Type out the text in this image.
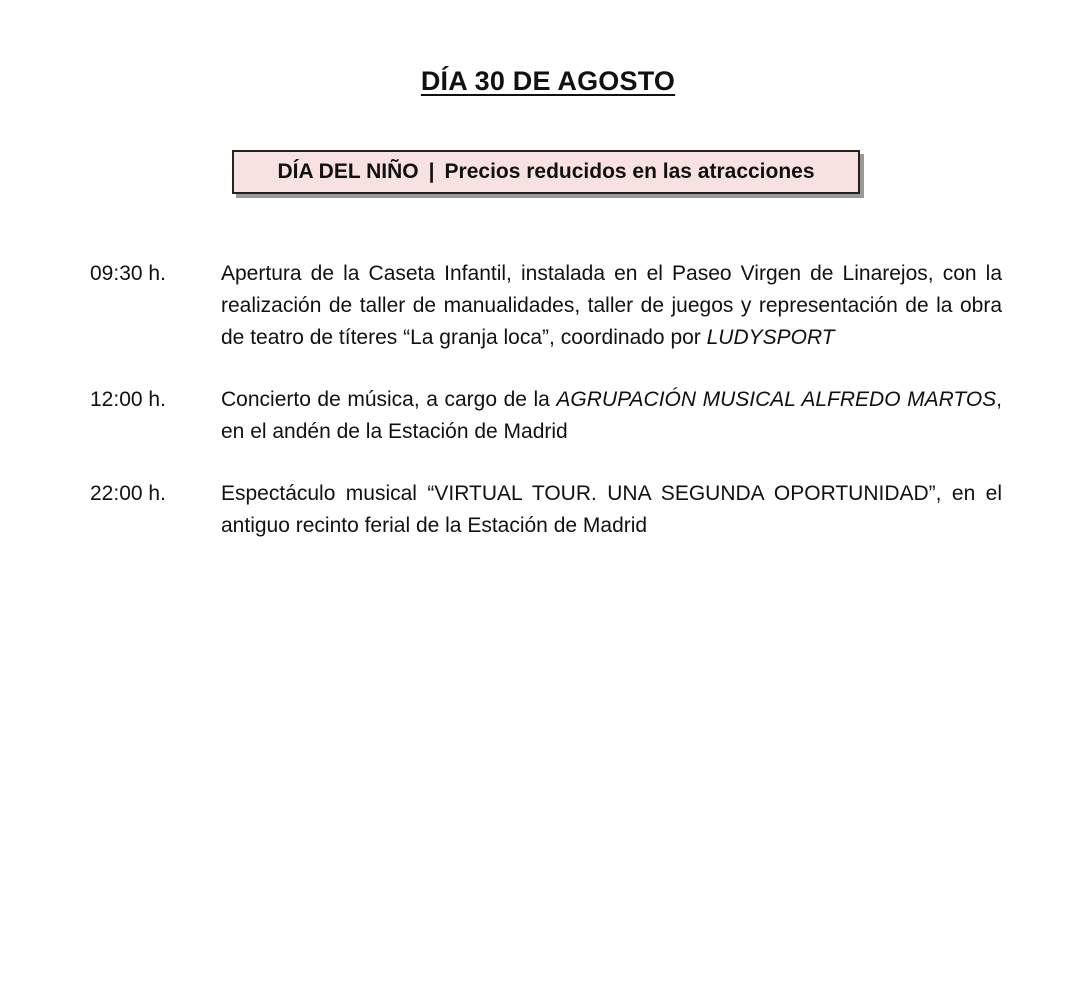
DÍA 30 DE AGOSTO
DÍA DEL NIÑO | Precios reducidos en las atracciones
09:30 h.	Apertura de la Caseta Infantil, instalada en el Paseo Virgen de Linarejos, con la realización de taller de manualidades, taller de juegos y representación de la obra de teatro de títeres “La granja loca”, coordinado por LUDYSPORT
12:00 h.	Concierto de música, a cargo de la AGRUPACIÓN MUSICAL ALFREDO MARTOS, en el andén de la Estación de Madrid
22:00 h.	Espectáculo musical “VIRTUAL TOUR. UNA SEGUNDA OPORTUNIDAD”, en el antiguo recinto ferial de la Estación de Madrid
